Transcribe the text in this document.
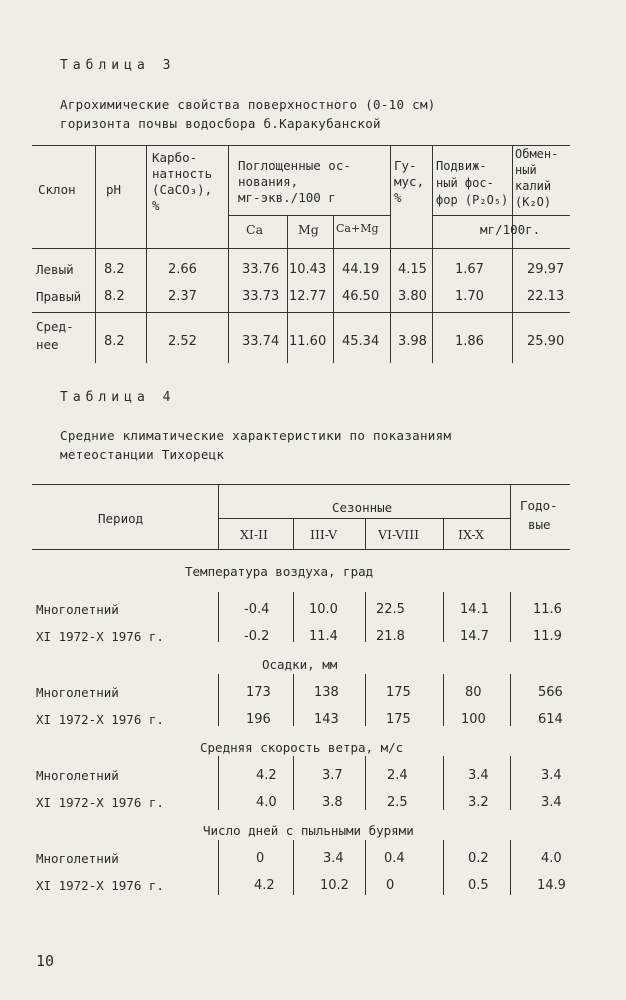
Таблица 3
Агрохимические свойства поверхностного (0-10 см)
горизонта почвы водосбора б.Каракубанской
Склон pH
Карбо-
натность
(CaCO₃),
%
Поглощенные ос-
нования,
мг-экв./100 г
Ca	Mg Ca+Mg
Гу-
мус,
%
Подвиж-
ный фос-
фор (P₂O₅)
Обмен-
ный
калий
(K₂O)
мг/100г.
Левый 8.2	2.66	33.76 10.43 44.19 4.15 1.67	29.97
Правый 8.2	2.37	33.73 12.77 46.50 3.80 1.70	22.13
Сред-
нее	8.2	2.52	33.74 11.60 45.34 3.98 1.86	25.90
Таблица 4
Средние климатические характеристики по показаниям
метеостанции Тихорецк
Период
Сезонные	Годо-
вые
XI-II	III-V	VI-VIII	IX-X
Температура воздуха, град
Многолетний	-0.4	10.0	22.5	14.1	11.6
XI 1972-X 1976 г.	-0.2	11.4	21.8	14.7	11.9
Осадки, мм
Многолетний	173	138	175	80	566
XI 1972-X 1976 г.	196	143	175	100	614
Средняя скорость ветра, м/с
Многолетний	4.2	3.7	2.4	3.4	3.4
XI 1972-X 1976 г.	4.0	3.8	2.5	3.2	3.4
Число дней с пыльными бурями
Многолетний	0	3.4	0.4	0.2	4.0
XI 1972-X 1976 г.	4.2	10.2	0	0.5	14.9
10
